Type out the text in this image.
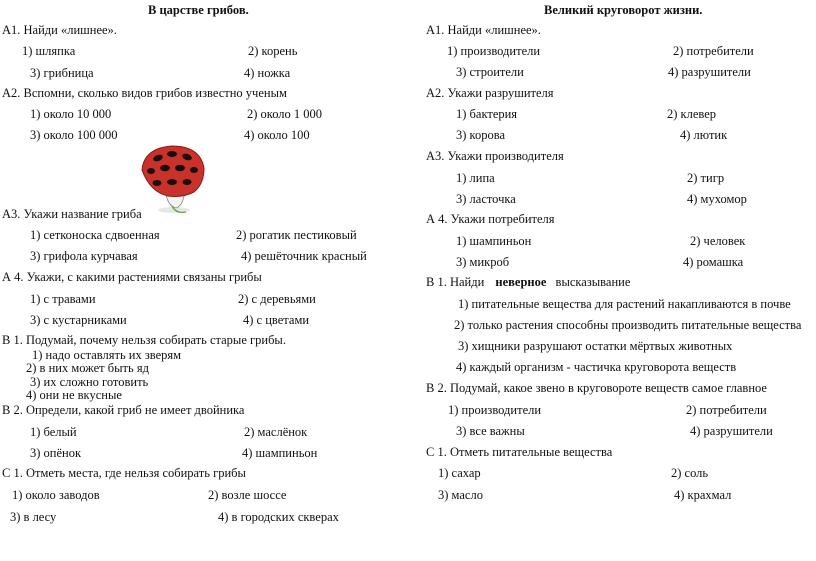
В царстве грибов.
А1. Найди «лишнее».
1) шляпка	2) корень
3) грибница	4) ножка
А2. Вспомни, сколько видов грибов известно ученым
1) около 10 000	2) около 1 000
3) около 100 000	4) около 100
А3. Укажи название гриба
1) сетконоска сдвоенная	2) рогатик пестиковый
3) грифола курчавая	4) решёточник красный
А 4. Укажи, с какими растениями связаны грибы
1) с травами	2) с деревьями
3) с кустарниками	4) с цветами
В 1. Подумай, почему нельзя собирать старые грибы.
1) надо оставлять их зверям
2) в них может быть яд
3) их сложно готовить
4) они не вкусные
В 2. Определи, какой гриб не имеет двойника
1) белый	2) маслёнок
3) опёнок	4) шампиньон
С 1. Отметь места, где нельзя собирать грибы
1) около заводов	2) возле шоссе
3) в лесу	4) в городских скверах
Великий круговорот жизни.
А1. Найди «лишнее».
1) производители	2) потребители
3) строители	4) разрушители
А2. Укажи разрушителя
1) бактерия	2) клевер
3) корова	4) лютик
А3. Укажи производителя
1) липа	2) тигр
3) ласточка	4) мухомор
А 4. Укажи потребителя
1) шампиньон	2) человек
3) микроб	4) ромашка
В 1. Найди неверное высказывание
1) питательные вещества для растений накапливаются в почве
2) только растения способны производить питательные вещества
3) хищники разрушают остатки мёртвых животных
4) каждый организм - частичка круговорота веществ
В 2. Подумай, какое звено в круговороте веществ самое главное
1) производители	2) потребители
3) все важны	4) разрушители
С 1. Отметь питательные вещества
1) сахар	2) соль
3) масло	4) крахмал
